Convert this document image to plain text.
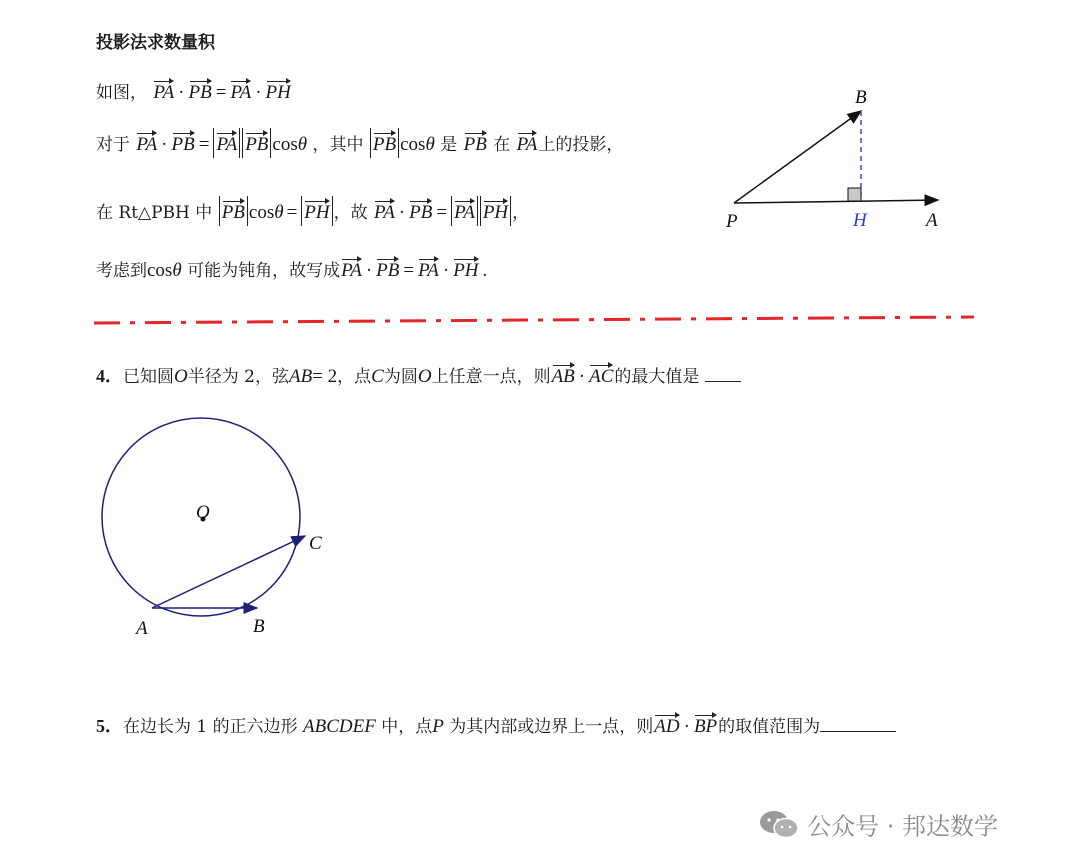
投影法求数量积
如图， PA · PB = PA · PH
对于 PA · PB = PA PB cosθ ，其中 PB cosθ 是 PB 在 PA上的投影，
在 Rt△PBH 中 PB cosθ = PH ，故 PA · PB = PA PH ，
考虑到cosθ 可能为钝角，故写成PA · PB = PA · PH .
B
P	H	A
4．已知圆O半径为 2，弦AB= 2，点C为圆O上任意一点，则AB · AC的最大值是
O
C
A	B
5．在边长为 1 的正六边形 ABCDEF 中，点P 为其内部或边界上一点，则AD · BP的取值范围为
公众号 · 邦达数学
